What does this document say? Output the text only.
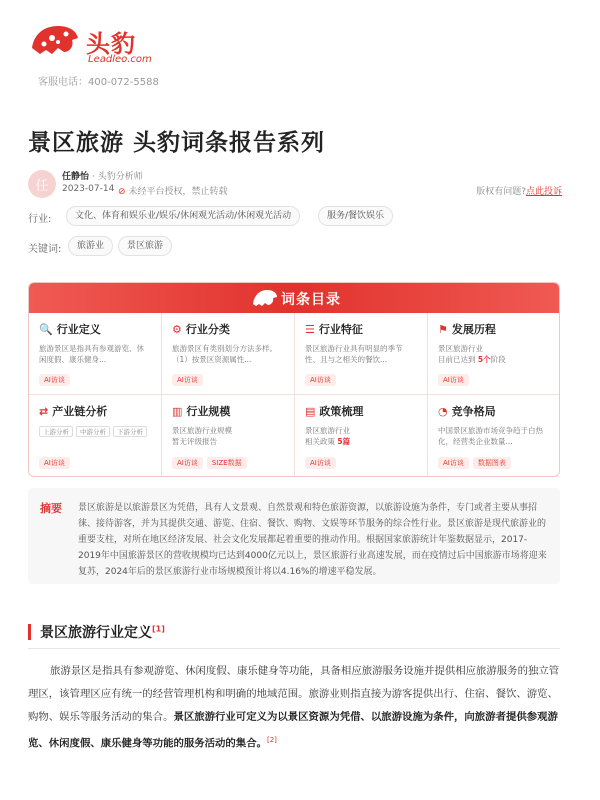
头豹
Leadleo.com
客服电话：400-072-5588
景区旅游 头豹词条报告系列
任
任静怡 · 头豹分析师
2023-07-14 ⊘ 未经平台授权，禁止转载	版权有问题?点此投诉
行业:	文化、体育和娱乐业/娱乐/休闲观光活动/休闲观光活动	服务/餐饮娱乐
关键词:	旅游业	景区旅游
词条目录
🔍 行业定义
旅游景区是指具有参观游览、休闲度假、康乐健身...
AI访谈
⚙ 行业分类
旅游景区有类别划分方法多样。（1）按景区资源属性...
AI访谈
☰ 行业特征
景区旅游行业具有明显的季节性、且与之相关的餐饮...
AI访谈
⚑ 发展历程
景区旅游行业
目前已达到 5个阶段
AI访谈
⇄ 产业链分析
上游分析 中游分析 下游分析
AI访谈
▥ 行业规模
景区旅游行业规模
暂无评级报告
AI访谈 SIZE数据
▤ 政策梳理
景区旅游行业
相关政策 5篇
AI访谈
◔ 竞争格局
中国景区旅游市场竞争趋于白热化，经营类企业数量...
AI访谈 数据图表
摘要 景区旅游是以旅游景区为凭借，具有人文景观、自然景观和特色旅游资源，以旅游设施为条件，专门或者主要从事招徕、接待游客，并为其提供交通、游览、住宿、餐饮、购物、文娱等环节服务的综合性行业。景区旅游是现代旅游业的重要支柱，对所在地区经济发展、社会文化发展都起着重要的推动作用。根据国家旅游统计年鉴数据显示，2017-2019年中国旅游景区的营收规模均已达到4000亿元以上，景区旅游行业高速发展，而在疫情过后中国旅游市场将迎来复苏，2024年后的景区旅游行业市场规模预计将以4.16%的增速平稳发展。

景区旅游行业定义[1]

旅游景区是指具有参观游览、休闲度假、康乐健身等功能，具备相应旅游服务设施并提供相应旅游服务的独立管理区，该管理区应有统一的经营管理机构和明确的地域范围。旅游业则指直接为游客提供出行、住宿、餐饮、游览、购物、娱乐等服务活动的集合。景区旅游行业可定义为以景区资源为凭借、以旅游设施为条件，向旅游者提供参观游览、休闲度假、康乐健身等功能的服务活动的集合。[2]
